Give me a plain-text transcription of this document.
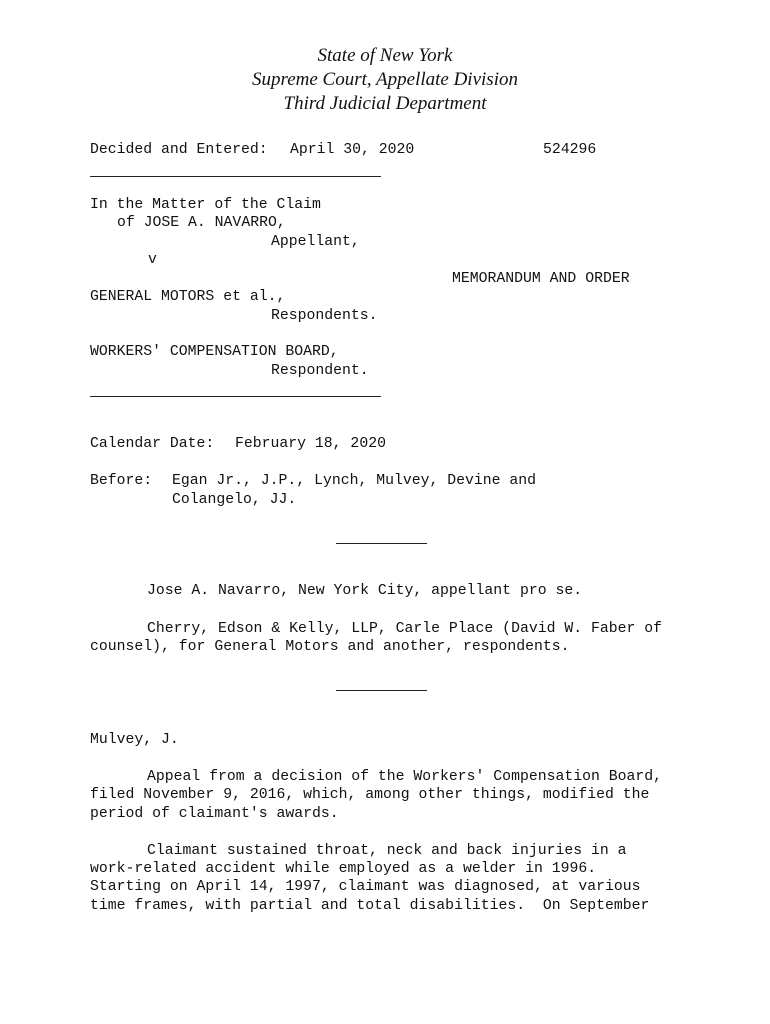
State of New York
Supreme Court, Appellate Division
Third Judicial Department
Decided and Entered: April 30, 2020	524296
In the Matter of the Claim
of JOSE A. NAVARRO,
Appellant,
v
MEMORANDUM AND ORDER
GENERAL MOTORS et al.,
Respondents.
WORKERS' COMPENSATION BOARD,
Respondent.
Calendar Date: February 18, 2020
Before: Egan Jr., J.P., Lynch, Mulvey, Devine and
Colangelo, JJ.
Jose A. Navarro, New York City, appellant pro se.
Cherry, Edson & Kelly, LLP, Carle Place (David W. Faber of
counsel), for General Motors and another, respondents.
Mulvey, J.
Appeal from a decision of the Workers' Compensation Board,
filed November 9, 2016, which, among other things, modified the
period of claimant's awards.
Claimant sustained throat, neck and back injuries in a
work-related accident while employed as a welder in 1996.
Starting on April 14, 1997, claimant was diagnosed, at various
time frames, with partial and total disabilities.  On September
